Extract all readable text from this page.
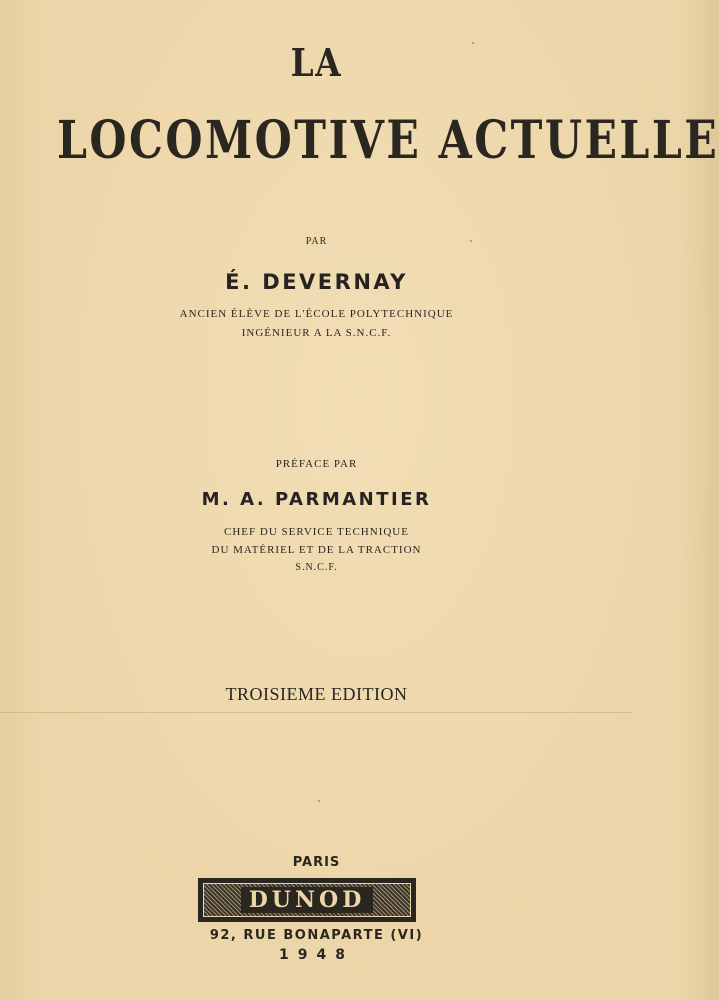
LA
LOCOMOTIVE ACTUELLE
PAR
É. DEVERNAY
ANCIEN ÉLÈVE DE L'ÉCOLE POLYTECHNIQUE
INGÉNIEUR A LA S.N.C.F.
PRÉFACE PAR
M. A. PARMANTIER
CHEF DU SERVICE TECHNIQUE
DU MATÉRIEL ET DE LA TRACTION
S.N.C.F.
TROISIEME EDITION
PARIS
DUNOD
92, RUE BONAPARTE (VI)
1948
